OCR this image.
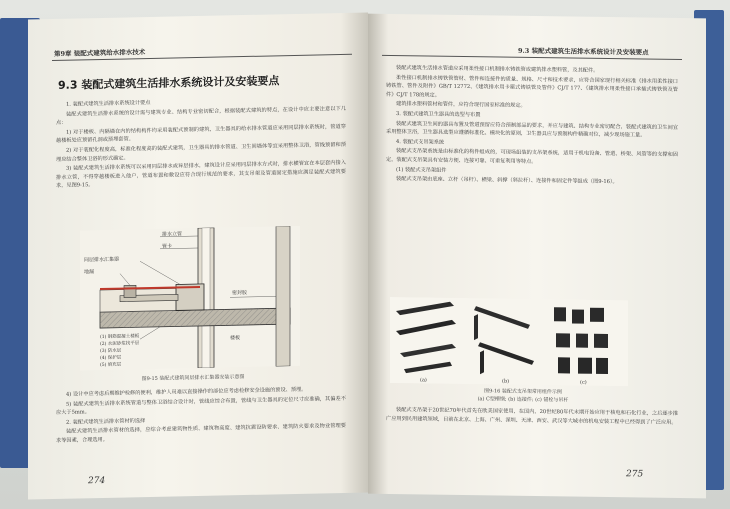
第9章 装配式建筑给水排水技术
9.3 装配式建筑生活排水系统设计及安装要点

1. 装配式建筑生活排水系统设计要点

装配式建筑生活排水系统的设计需与建筑专业、结构专业密切配合，根据装配式建筑的特点，在设计中应主要注意以下几点：

1) 对于楼板、内隔墙在内的结构构件均采用装配式预制的建筑，卫生器具的给水排水管道应采用同层排水系统时，管道穿越楼板处应预留孔洞或预埋套管。

2) 对于装配化程度高，标准化程度高的装配式建筑，卫生器具的排水管道、卫生间墙体等宜采用整体卫浴，管线预留和预埋应结合整体卫浴的形式确定。

3) 装配式建筑生活排水系统可以采用同层排水或异层排水，建筑设计应采用同层排水方式时，排水横管宜在本层套内接入排水立管，不得穿越楼板进入他户，管道布置和敷设应符合现行规范的要求，其支吊架及管道固定措施应满足装配式建筑要求，见图9-15。

排水立管
管卡
同层排水汇集器
地漏
密封胶
楼板
(1) 钢筋混凝土楼板
(2) 水泥砂浆找平层
(3) 防水层
(4) 保护层
(5) 填充层
图9-15 装配式建筑同层排水汇集器安装示意图

4) 设计中应考虑后期维护检修的便利，维护人员难以直接操作的部位应考虑检修安全设施的预设、预埋。

5) 装配式建筑生活排水系统管道与整体卫浴结合设计时，管线应综合布置，管线与卫生器具的定位尺寸应准确，其偏差不应大于5mm。

2. 装配式建筑生活排水管材的选择

装配式建筑生活排水管材的选择，应综合考虑建筑物性质、建筑物高度、建筑抗震设防要求、建筑防火要求及物业管理要求等因素，合理选用。

274
9.3 装配式建筑生活排水系统设计及安装要点

装配式建筑生活排水管道应采用柔性接口机制排水铸铁管或建筑排水塑料管，及其配件。

柔性接口机制排水铸铁管管材、管件和连接件的质量、规格、尺寸和技术要求，应符合国家现行相关标准《排水用柔性接口铸铁管、管件及附件》GB/T 12772、《建筑排水用卡箍式铸铁管及管件》CJ/T 177、《建筑排水用柔性接口承插式铸铁管及管件》CJ/T 178的规定。

建筑排水塑料管材和管件，应符合现行国家标准的规定。

3. 装配式建筑卫生器具的选型与布置

装配式建筑卫生间的器具布置及管道预留应符合预制部品的要求，并应与建筑、结构专业密切配合，装配式建筑的卫生间宜采用整体卫浴，卫生器具选型应遵循标准化、模块化的原则，卫生器具应与预制构件精确对位，减少现场施工量。

4. 装配式支吊架系统

装配式支吊架系统是由标准化的构件组成的，可现场组装的支吊架系统，适用于机电设备、管道、桥架、风管等的支撑和固定。装配式支吊架具有安装方便、连接可靠、可重复利用等特点。

(1) 装配式支吊架组件

装配式支吊架由底座、立杆（吊杆）、横梁、斜撑（斜拉杆）、连接件和固定件等组成（图9-16）。

(a)	(b)	(c)
图9-16 装配式支吊架常用组件示例
(a) C型槽钢; (b) 连接件; (c) 锚栓与吊杆

装配式支吊架于20世纪70年代首先在欧美国家使用，在国内，20世纪80年代末期开始应用于核电和石化行业，之后逐步推广应用到民用建筑领域，目前在北京、上海、广州、深圳、天津、西安、武汉等大城市的机电安装工程中已经得到了广泛应用。

275
